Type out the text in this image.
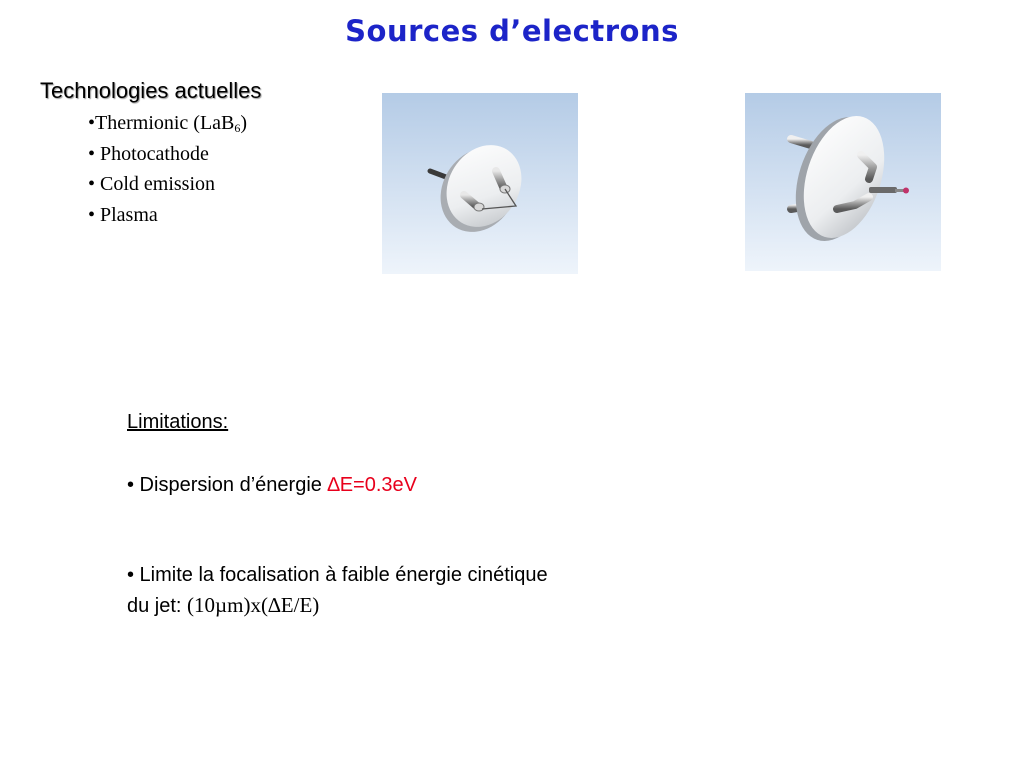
Sources d’electrons
Technologies actuelles
•Thermionic (LaB$_6$)
• Photocathode
• Cold emission
• Plasma
Limitations:
• Dispersion d’énergie ∆E=0.3eV
• Limite la focalisation à faible énergie cinétique
du jet: (10µm)x(∆E/E)
